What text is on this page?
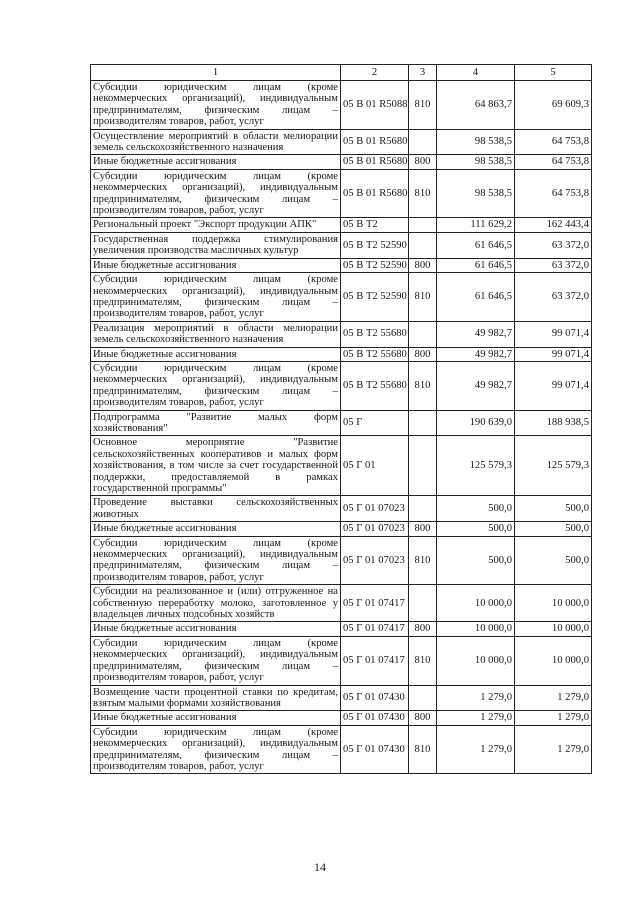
1	2	3	4	5
Субсидии юридическим лицам (кроме некоммерческих организаций), индивидуальным предпринимателям, физическим лицам – производителям товаров, работ, услуг	05 В 01 R5088	810	64 863,7	69 609,3
Осуществление мероприятий в области мелиорации земель сельскохозяйственного назначения	05 В 01 R5680		98 538,5	64 753,8
Иные бюджетные ассигнования	05 В 01 R5680	800	98 538,5	64 753,8
Субсидии юридическим лицам (кроме некоммерческих организаций), индивидуальным предпринимателям, физическим лицам – производителям товаров, работ, услуг	05 В 01 R5680	810	98 538,5	64 753,8
Региональный проект "Экспорт продукции АПК"	05 В Т2		111 629,2	162 443,4
Государственная поддержка стимулирования увеличения производства масличных культур	05 В Т2 52590		61 646,5	63 372,0
Иные бюджетные ассигнования	05 В Т2 52590	800	61 646,5	63 372,0
Субсидии юридическим лицам (кроме некоммерческих организаций), индивидуальным предпринимателям, физическим лицам – производителям товаров, работ, услуг	05 В Т2 52590	810	61 646,5	63 372,0
Реализация мероприятий в области мелиорации земель сельскохозяйственного назначения	05 В Т2 55680		49 982,7	99 071,4
Иные бюджетные ассигнования	05 В Т2 55680	800	49 982,7	99 071,4
Субсидии юридическим лицам (кроме некоммерческих организаций), индивидуальным предпринимателям, физическим лицам – производителям товаров, работ, услуг	05 В Т2 55680	810	49 982,7	99 071,4
Подпрограмма "Развитие малых форм хозяйствования"	05 Г		190 639,0	188 938,5
Основное мероприятие "Развитие сельскохозяйственных кооперативов и малых форм хозяйствования, в том числе за счет государственной поддержки, предоставляемой в рамках государственной программы"	05 Г 01		125 579,3	125 579,3
Проведение выставки сельскохозяйственных животных	05 Г 01 07023		500,0	500,0
Иные бюджетные ассигнования	05 Г 01 07023	800	500,0	500,0
Субсидии юридическим лицам (кроме некоммерческих организаций), индивидуальным предпринимателям, физическим лицам – производителям товаров, работ, услуг	05 Г 01 07023	810	500,0	500,0
Субсидии на реализованное и (или) отгруженное на собственную переработку молоко, заготовленное у владельцев личных подсобных хозяйств	05 Г 01 07417		10 000,0	10 000,0
Иные бюджетные ассигнования	05 Г 01 07417	800	10 000,0	10 000,0
Субсидии юридическим лицам (кроме некоммерческих организаций), индивидуальным предпринимателям, физическим лицам – производителям товаров, работ, услуг	05 Г 01 07417	810	10 000,0	10 000,0
Возмещение части процентной ставки по кредитам, взятым малыми формами хозяйствования	05 Г 01 07430		1 279,0	1 279,0
Иные бюджетные ассигнования	05 Г 01 07430	800	1 279,0	1 279,0
Субсидии юридическим лицам (кроме некоммерческих организаций), индивидуальным предпринимателям, физическим лицам – производителям товаров, работ, услуг	05 Г 01 07430	810	1 279,0	1 279,0
14
